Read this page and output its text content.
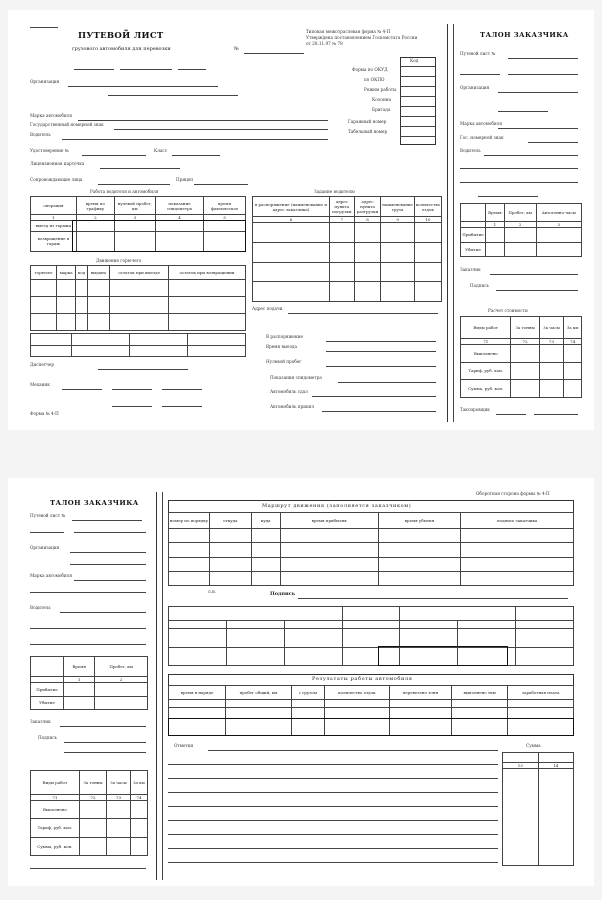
ПУТЕВОЙ ЛИСТ
грузового автомобиля для перевозки	№
Типовая межотраслевая форма № 4-П
Утверждена постановлением Госкомстата России
от 28.11.97 № 78
Код
Форма по ОКУД
по ОКПО
Режим работы
Колонна
Бригада
Гаражный номер
Табельный номер
Организация
Марка автомобиля
Государственный номерной знак
Водитель
Удостоверение №	Класс
Лицензионная карточка
Сопровождающие лица	Прицеп
Работа водителя и автомобиля
операция	время по графику	нулевой пробег, км	показание спидометра	время фактическое
1	2	3	4	5
выезд из гаража				
возвращение в гараж				
Движение горючего
горючее	марка	код	выдано	остаток при выезде	остаток при возвращении

Диспетчер
Механик
Форма № 4-П
Задание водителю
в распоряжение (наименование и адрес заказчика)	адрес пункта погрузки	адрес пункта разгрузки	наименование груза	количество ездок
6	7	8	9	10

Адрес подачи
В распоряжение
Время выезда
Нулевой пробег
Показания спидометра
Автомобиль сдал
Автомобиль принял
ТАЛОН ЗАКАЗЧИКА
Путевой лист №
Организация
Марка автомобиля
Гос. номерной знак
Водитель
	Время	Пробег, км	Автотонно-часы
	1	2	3
Прибытие			
Убытие			
Заказчик
Подпись
Расчет стоимости
Виды работ	За тонны	За часы	За км
71	72	73	74
Выполнено			
Тариф, руб. коп.			
Сумма, руб. коп.			
Таксировщик
ТАЛОН ЗАКАЗЧИКА
Путевой лист №
Организация
Марка автомобиля
Водитель
	Время	Пробег, км
	1	2
Прибытие		
Убытие		
Заказчик
Подпись
Виды работ	За тонны	За часы	За км
71	72	73	74
Выполнено			
Тариф, руб. коп.			
Сумма, руб. коп.			
Оборотная сторона формы № 4-П
Маршрут движения (заполняется заказчиком)
номер по порядку	откуда	куда	время прибытия	время убытия	подпись заказчика

л.н.	Подпись

Результаты работы автомобиля
время в наряде	пробег общий, км	с грузом	количество ездок	перевезено тонн	выполнено ткм	заработная плата

Отметки	Сумма

13	14
